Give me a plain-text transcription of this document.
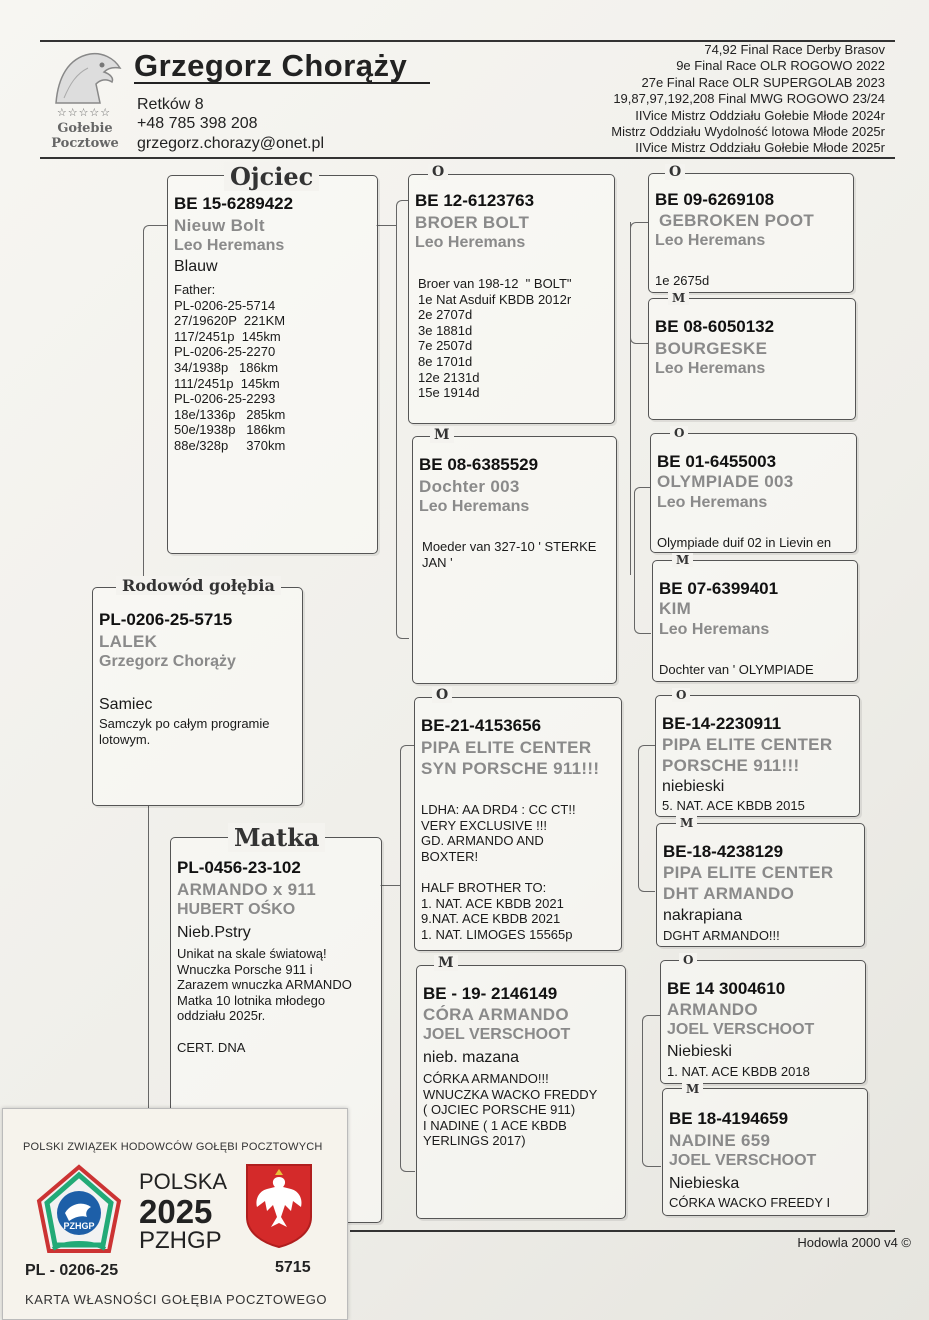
☆☆☆☆☆
Gołebie
Pocztowe
Grzegorz Chorąży
Retków 8
+48 785 398 208
grzegorz.chorazy@onet.pl
74,92 Final Race Derby Brasov
9e Final Race OLR ROGOWO 2022
27e Final Race OLR SUPERGOLAB 2023
19,87,97,192,208 Final MWG ROGOWO 23/24
IIVice Mistrz Oddziału Gołebie Młode 2024r
Mistrz Oddziału Wydolność lotowa Młode 2025r
IIVice Mistrz Oddziału Gołebie Młode 2025r
BE 15-6289422
Nieuw Bolt
Leo Heremans
Blauw
Father:
PL-0206-25-5714
27/19620P  221KM
117/2451p  145km
PL-0206-25-2270
34/1938p   186km
111/2451p  145km
PL-0206-25-2293
18e/1336p   285km
50e/1938p   186km
88e/328p     370km
Ojciec
PL-0206-25-5715
LALEK
Grzegorz Chorąży
Samiec
Samczyk po całym programie
lotowym.
Rodowód gołębia
PL-0456-23-102
ARMANDO x 911
HUBERT OŚKO
Nieb.Pstry
Unikat na skale światową!
Wnuczka Porsche 911 i
Zarazem wnuczka ARMANDO
Matka 10 lotnika młodego
oddziału 2025r.

CERT. DNA
Matka
BE 12-6123763
BROER BOLT
Leo Heremans
Broer van 198-12  " BOLT"
1e Nat Asduif KBDB 2012r
2e 2707d
3e 1881d
7e 2507d
8e 1701d
12e 2131d
15e 1914d
O
BE 08-6385529
Dochter 003
Leo Heremans
Moeder van 327-10 ' STERKE
JAN '
M
BE-21-4153656
PIPA ELITE CENTER
SYN PORSCHE 911!!!
LDHA: AA DRD4 : CC CT!!
VERY EXCLUSIVE !!!
GD. ARMANDO AND
BOXTER!

HALF BROTHER TO:
1. NAT. ACE KBDB 2021
9.NAT. ACE KBDB 2021
1. NAT. LIMOGES 15565p
O
BE - 19- 2146149
CÓRA ARMANDO
JOEL VERSCHOOT
nieb. mazana
CÓRKA ARMANDO!!!
WNUCZKA WACKO FREDDY
( OJCIEC PORSCHE 911)
I NADINE ( 1 ACE KBDB
YERLINGS 2017)
M
BE 09-6269108
GEBROKEN POOT
Leo Heremans
1e 2675d
O
BE 08-6050132
BOURGESKE
Leo Heremans
M
BE 01-6455003
OLYMPIADE 003
Leo Heremans
Olympiade duif 02 in Lievin en
O
BE 07-6399401
KIM
Leo Heremans
Dochter van ' OLYMPIADE
M
BE-14-2230911
PIPA ELITE CENTER
PORSCHE 911!!!
niebieski
5. NAT. ACE KBDB 2015
O
BE-18-4238129
PIPA ELITE CENTER
DHT ARMANDO
nakrapiana
DGHT ARMANDO!!!
M
BE 14 3004610
ARMANDO
JOEL VERSCHOOT
Niebieski
1. NAT. ACE KBDB 2018
O
BE 18-4194659
NADINE 659
JOEL VERSCHOOT
Niebieska
CÓRKA WACKO FREEDY I
M
Hodowla 2000 v4 ©
POLSKI ZWIĄZEK HODOWCÓW GOŁĘBI POCZTOWYCH
PZHGP
POLSKA
2025
PZHGP
PL - 0206-25	5715
KARTA WŁASNOŚCI GOŁĘBIA POCZTOWEGO
